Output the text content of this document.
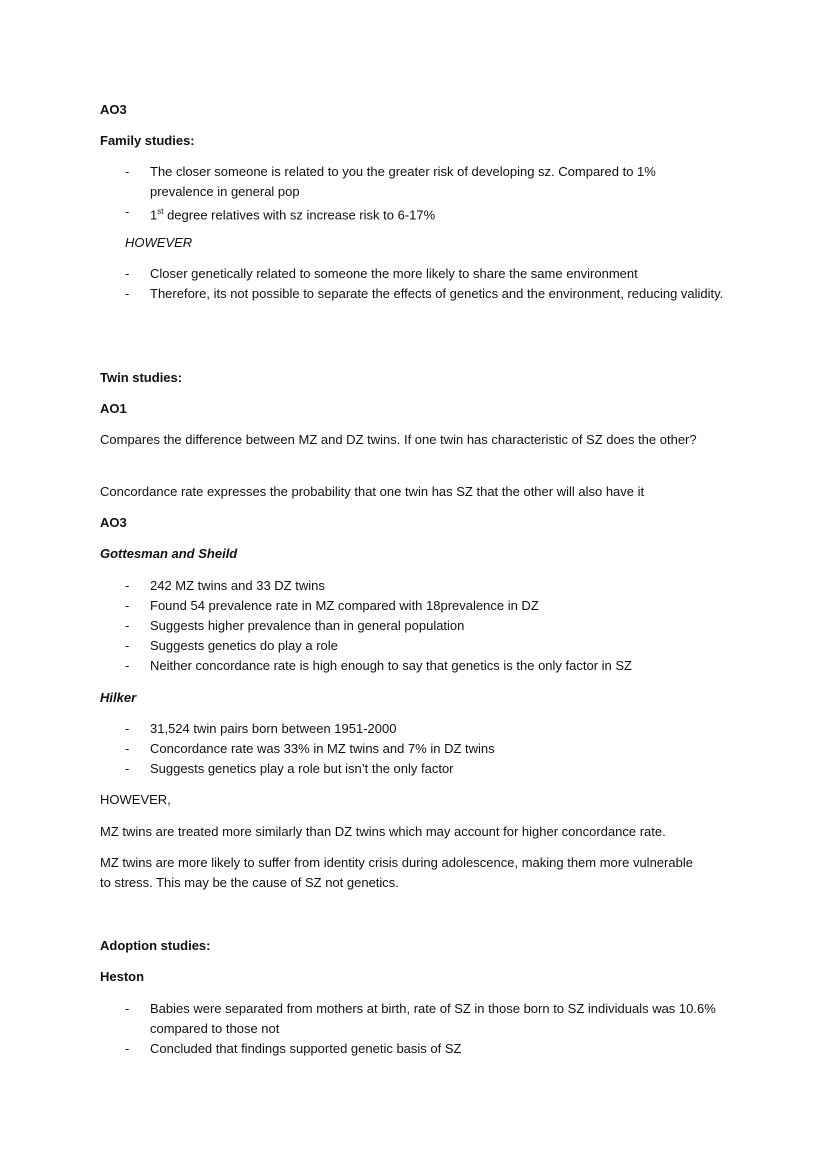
AO3
Family studies:
- The closer someone is related to you the greater risk of developing sz. Compared to 1% prevalence in general pop
- 1st degree relatives with sz increase risk to 6-17%
HOWEVER
- Closer genetically related to someone the more likely to share the same environment
- Therefore, its not possible to separate the effects of genetics and the environment, reducing validity.
Twin studies:
AO1
Compares the difference between MZ and DZ twins. If one twin has characteristic of SZ does the other?
Concordance rate expresses the probability that one twin has SZ that the other will also have it
AO3
Gottesman and Sheild
- 242 MZ twins and 33 DZ twins
- Found 54 prevalence rate in MZ compared with 18prevalence in DZ
- Suggests higher prevalence than in general population
- Suggests genetics do play a role
- Neither concordance rate is high enough to say that genetics is the only factor in SZ
Hilker
- 31,524 twin pairs born between 1951-2000
- Concordance rate was 33% in MZ twins and 7% in DZ twins
- Suggests genetics play a role but isn’t the only factor
HOWEVER,
MZ twins are treated more similarly than DZ twins which may account for higher concordance rate.
MZ twins are more likely to suffer from identity crisis during adolescence, making them more vulnerable to stress. This may be the cause of SZ not genetics.
Adoption studies:
Heston
- Babies were separated from mothers at birth, rate of SZ in those born to SZ individuals was 10.6% compared to those not
- Concluded that findings supported genetic basis of SZ
